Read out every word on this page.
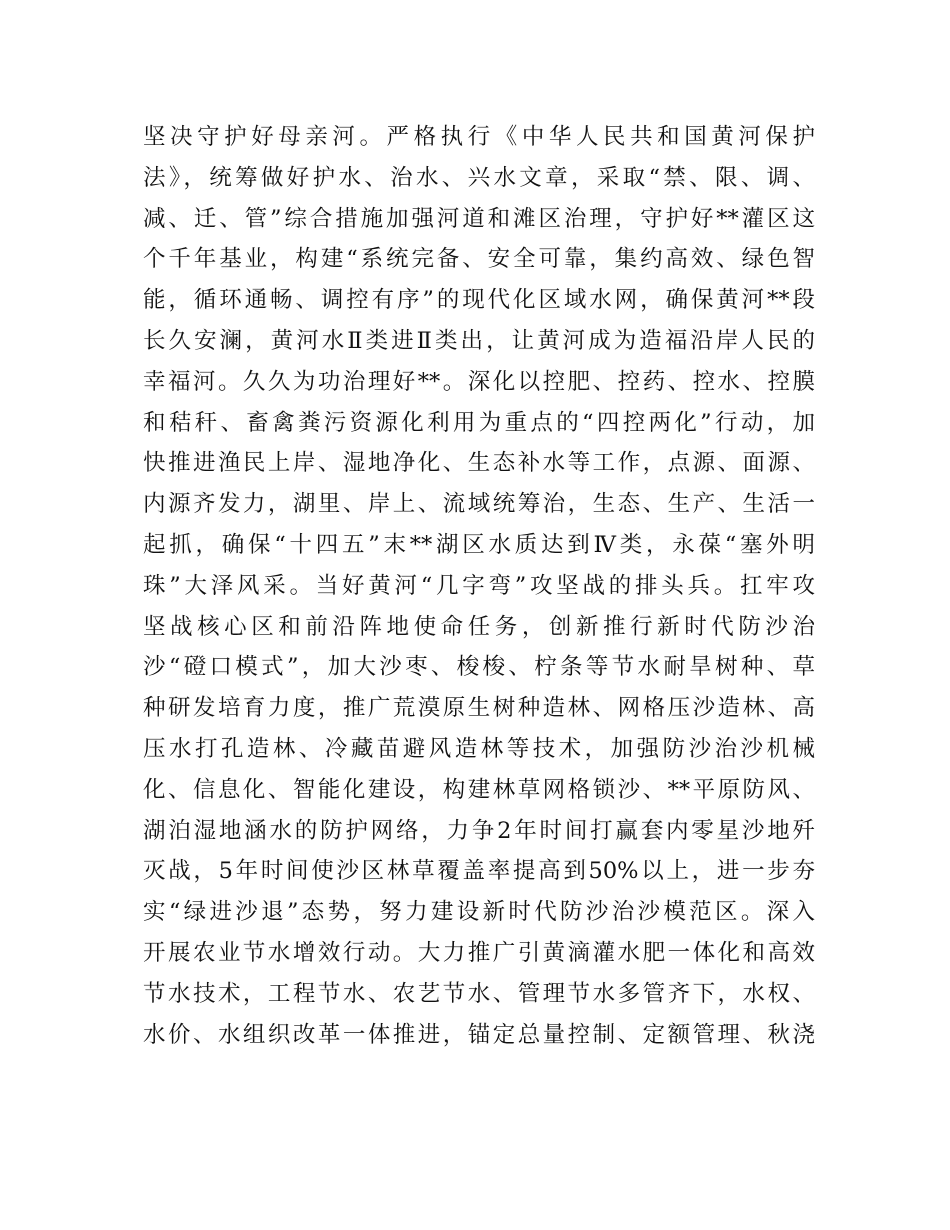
坚决守护好母亲河。严格执行《中华人民共和国黄河保护
法》，统筹做好护水、治水、兴水文章，采取“禁、限、调、
减、迁、管”综合措施加强河道和滩区治理，守护好**灌区这
个千年基业，构建“系统完备、安全可靠，集约高效、绿色智
能，循环通畅、调控有序”的现代化区域水网，确保黄河**段
长久安澜，黄河水Ⅱ类进Ⅱ类出，让黄河成为造福沿岸人民的
幸福河。久久为功治理好**。深化以控肥、控药、控水、控膜
和秸秆、畜禽粪污资源化利用为重点的“四控两化”行动，加
快推进渔民上岸、湿地净化、生态补水等工作，点源、面源、
内源齐发力，湖里、岸上、流域统筹治，生态、生产、生活一
起抓，确保“十四五”末**湖区水质达到Ⅳ类，永葆“塞外明
珠”大泽风采。当好黄河“几字弯”攻坚战的排头兵。扛牢攻
坚战核心区和前沿阵地使命任务，创新推行新时代防沙治
沙“磴口模式”，加大沙枣、梭梭、柠条等节水耐旱树种、草
种研发培育力度，推广荒漠原生树种造林、网格压沙造林、高
压水打孔造林、冷藏苗避风造林等技术，加强防沙治沙机械
化、信息化、智能化建设，构建林草网格锁沙、**平原防风、
湖泊湿地涵水的防护网络，力争2年时间打赢套内零星沙地歼
灭战，5年时间使沙区林草覆盖率提高到50%以上，进一步夯
实“绿进沙退”态势，努力建设新时代防沙治沙模范区。深入
开展农业节水增效行动。大力推广引黄滴灌水肥一体化和高效
节水技术，工程节水、农艺节水、管理节水多管齐下，水权、
水价、水组织改革一体推进，锚定总量控制、定额管理、秋浇
